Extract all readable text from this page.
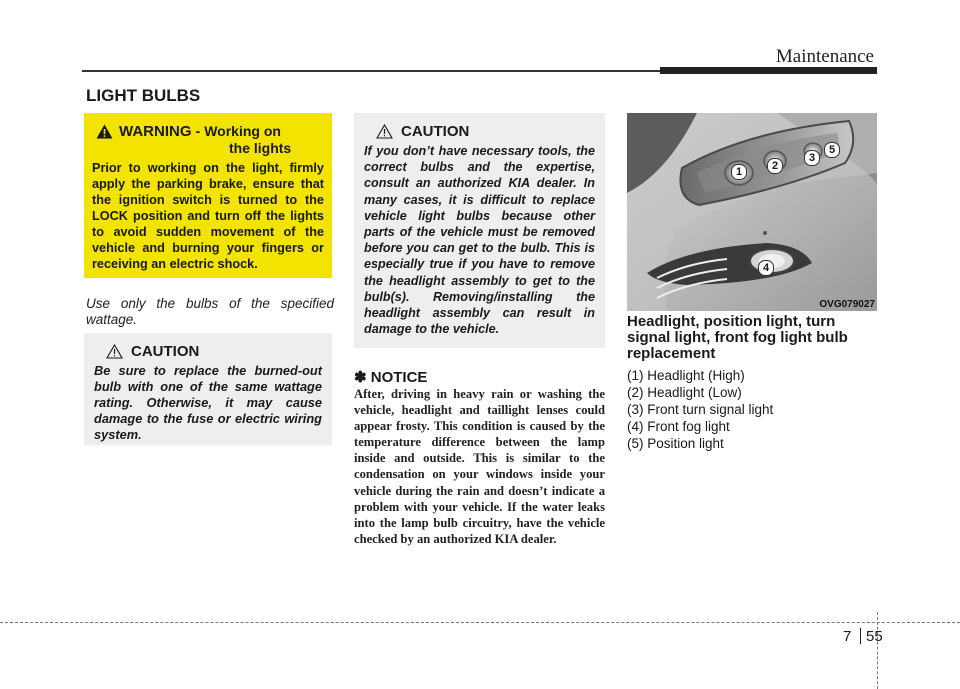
Maintenance
LIGHT BULBS
WARNING - Working on
the lights
Prior to working on the light, firmly apply the parking brake, ensure that the ignition switch is turned to the LOCK position and turn off the lights to avoid sudden movement of the vehicle and burning your fingers or receiving an electric shock.
Use only the bulbs of the specified wattage.
CAUTION
Be sure to replace the burned-out bulb with one of the same wattage rating. Otherwise, it may cause damage to the fuse or electric wiring system.
CAUTION
If you don’t have necessary tools, the correct bulbs and the expertise, consult an authorized KIA dealer. In many cases, it is difficult to replace vehicle light bulbs because other parts of the vehicle must be removed before you can get to the bulb. This is especially true if you have to remove the headlight assembly to get to the bulb(s). Removing/installing the headlight assembly can result in damage to the vehicle.
✽ NOTICE
After, driving in heavy rain or washing the vehicle, headlight and taillight lenses could appear frosty. This condition is caused by the temperature difference between the lamp inside and outside. This is similar to the condensation on your windows inside your vehicle during the rain and doesn’t indicate a problem with your vehicle. If the water leaks into the lamp bulb circuitry, have the vehicle checked by an authorized KIA dealer.
1	2
3
5
4
OVG079027
Headlight, position light, turn signal light, front fog light bulb replacement
(1) Headlight (High)
(2) Headlight (Low)
(3) Front turn signal light
(4) Front fog light
(5) Position light
7 55
